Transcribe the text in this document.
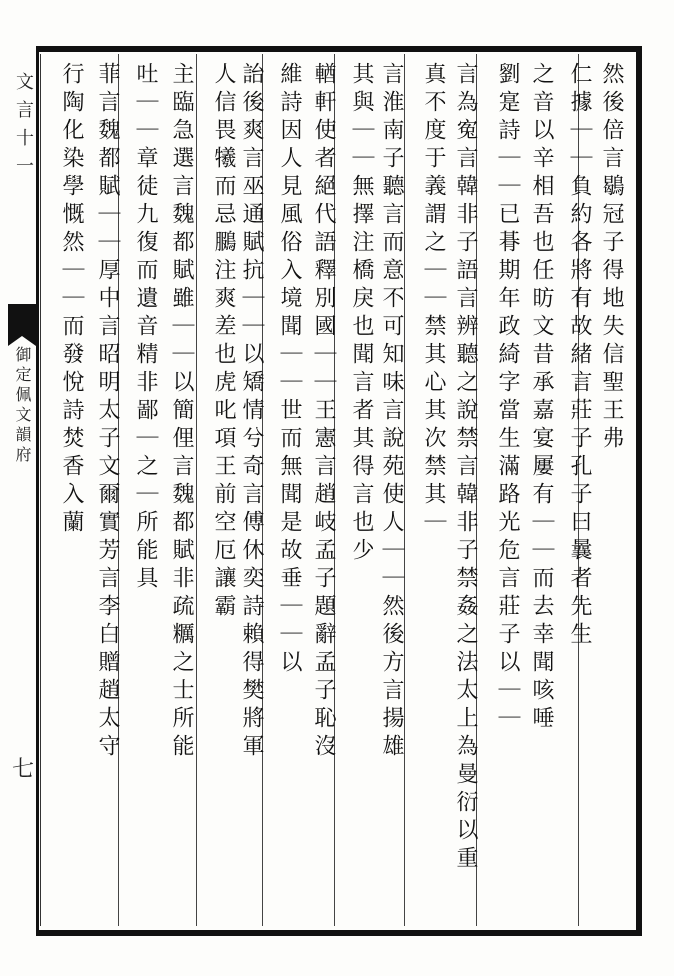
文言十一
御定佩文韻府
七
然後倍言鶡冠子得地失信聖王弗
仁據｜｜負約各將有故緒言莊子孔子曰曩者先生
之音以辛相吾也任昉文昔承嘉宴屢有｜｜而去幸聞咳唾
劉寔詩｜｜已朞期年政綺字當生滿路光危言莊子以｜｜
言為寃言韓非子語言辨聽之說禁言韓非子禁姦之法太上為曼衍以重
真不度于義謂之｜｜禁其心其次禁其｜
言淮南子聽言而意不可知味言說苑使人｜｜然後方言揚雄
其與｜｜無擇注橋戾也聞言者其得言也少
輶軒使者絕代語釋別國｜｜王憲言趙岐孟子題辭孟子恥沒
維詩因人見風俗入境聞｜｜世而無聞是故垂｜｜以
詒後爽言巫通賦抗｜｜以矯情兮奇言傅休奕詩賴得樊將軍
人信畏犧而忌鵩注爽差也虎叱項王前空厄讓霸
主臨急選言魏都賦雖｜｜以簡俚言魏都賦非疏糲之士所能
吐｜｜章徒九復而遺音精非鄙｜之｜所能具
菲言魏都賦｜｜厚中言昭明太子文爾實芳言李白贈趙太守
行陶化染學慨然｜｜而發悅詩焚香入蘭
